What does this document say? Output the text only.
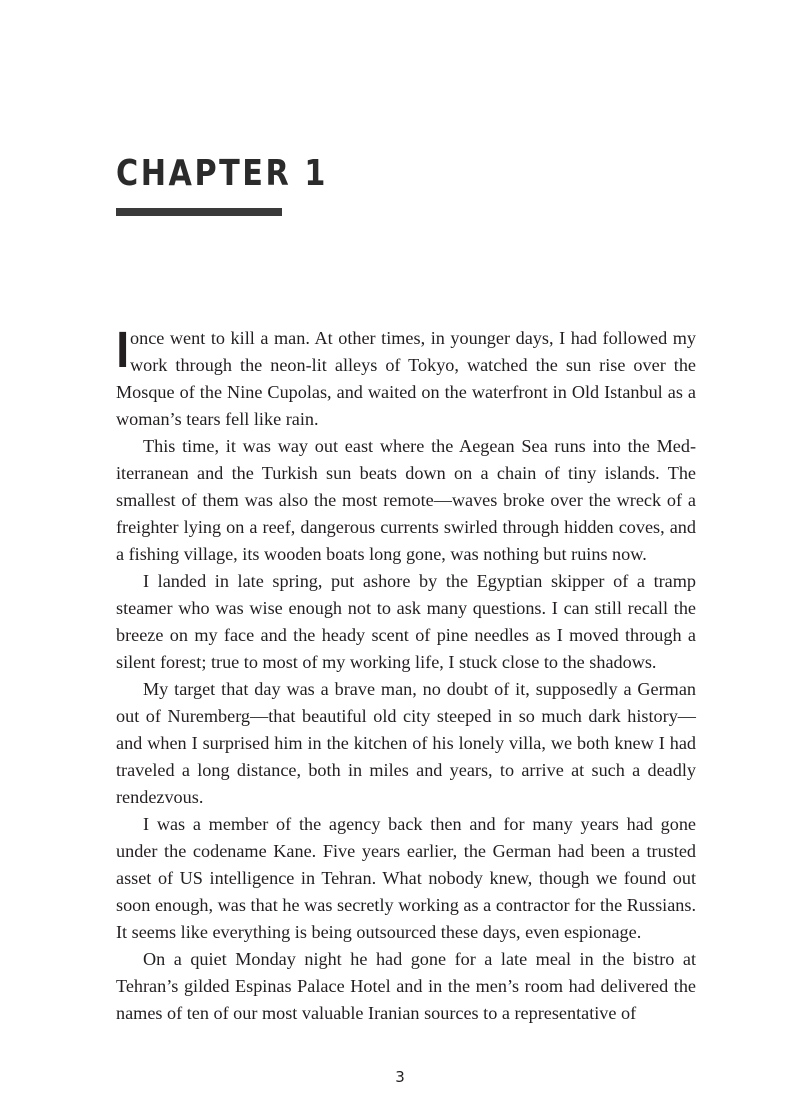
CHAPTER 1

I once went to kill a man. At other times, in younger days, I had followed my work through the neon-lit alleys of Tokyo, watched the sun rise over the Mosque of the Nine Cupolas, and waited on the waterfront in Old Istanbul as a woman’s tears fell like rain.

This time, it was way out east where the Aegean Sea runs into the Mediterranean and the Turkish sun beats down on a chain of tiny islands. The smallest of them was also the most remote—waves broke over the wreck of a freighter lying on a reef, dangerous currents swirled through hidden coves, and a fishing village, its wooden boats long gone, was nothing but ruins now.

I landed in late spring, put ashore by the Egyptian skipper of a tramp steamer who was wise enough not to ask many questions. I can still recall the breeze on my face and the heady scent of pine needles as I moved through a silent forest; true to most of my working life, I stuck close to the shadows.

My target that day was a brave man, no doubt of it, supposedly a German out of Nuremberg—that beautiful old city steeped in so much dark history—and when I surprised him in the kitchen of his lonely villa, we both knew I had traveled a long distance, both in miles and years, to arrive at such a deadly rendezvous.

I was a member of the agency back then and for many years had gone under the codename Kane. Five years earlier, the German had been a trusted asset of US intelligence in Tehran. What nobody knew, though we found out soon enough, was that he was secretly working as a contractor for the Russians. It seems like everything is being outsourced these days, even espionage.

On a quiet Monday night he had gone for a late meal in the bistro at Tehran’s gilded Espinas Palace Hotel and in the men’s room had delivered the names of ten of our most valuable Iranian sources to a representative of

3
